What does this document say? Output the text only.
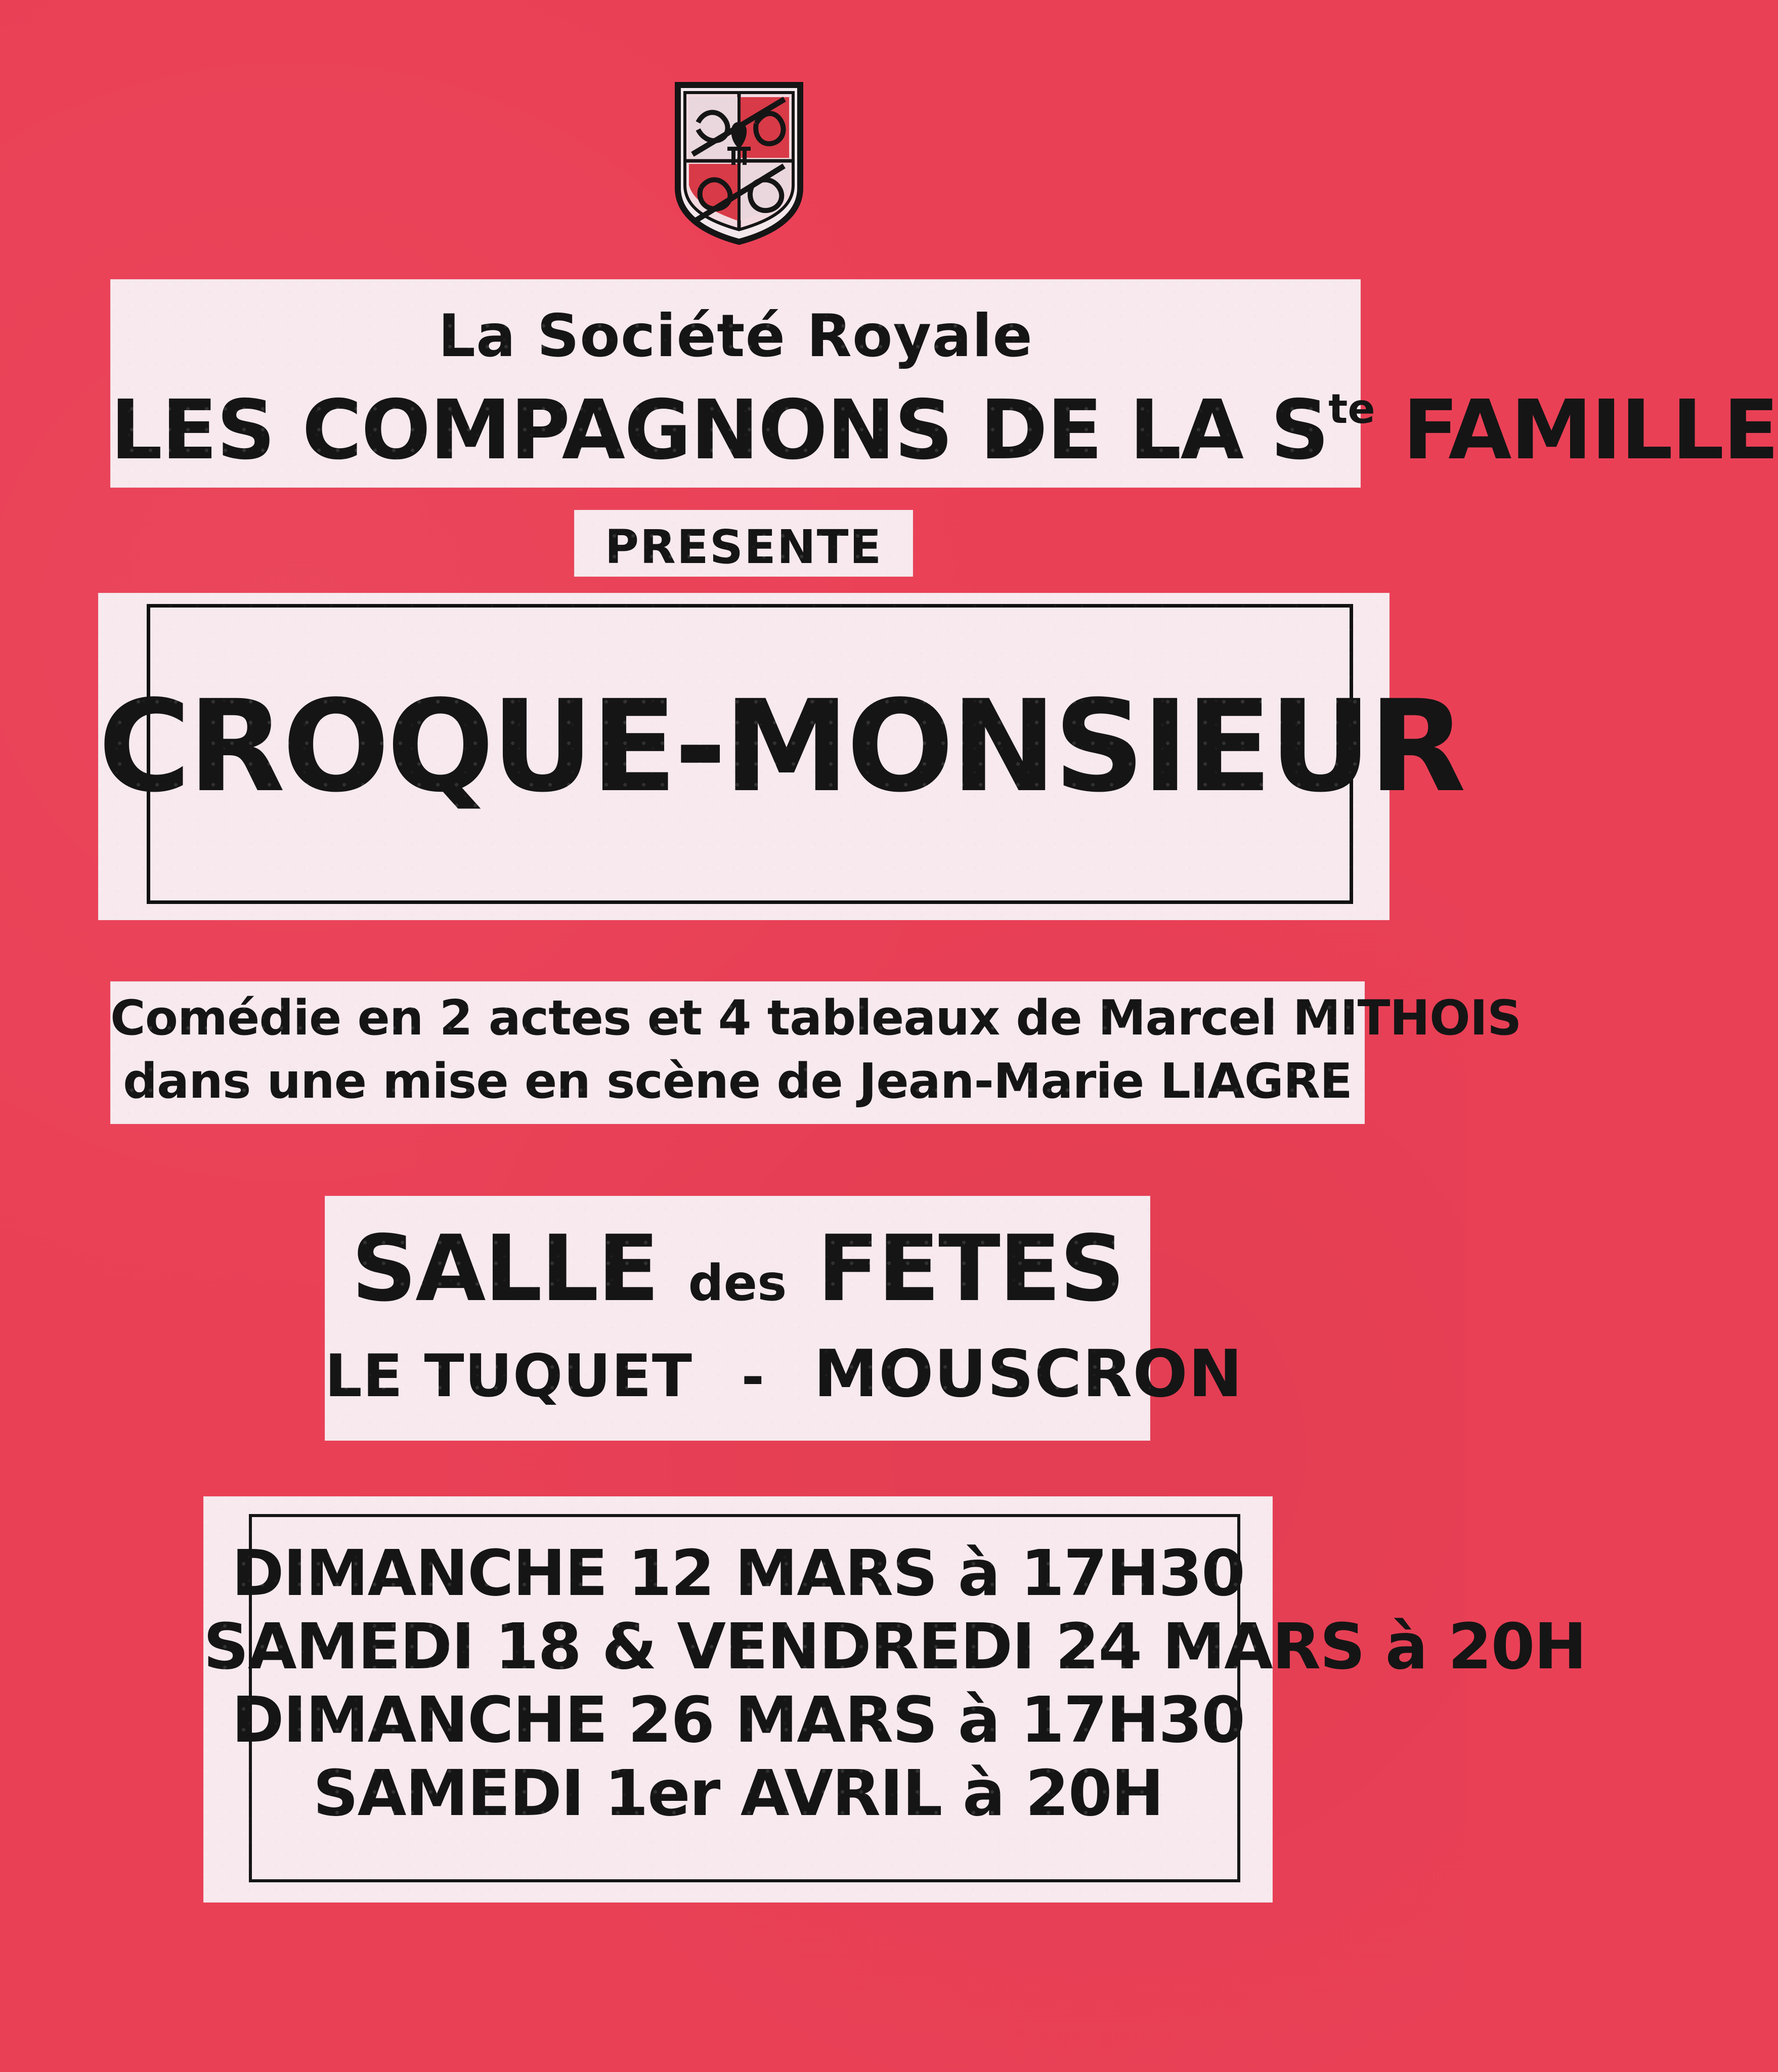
La Société Royale
LES COMPAGNONS DE LA $S^{te}$ FAMILLE
PRESENTE
CROQUE-MONSIEUR
Comédie en 2 actes et 4 tableaux de Marcel MITHOIS
dans une mise en scène de Jean-Marie LIAGRE
SALLE des FETES
LE TUQUET - MOUSCRON
DIMANCHE 12 MARS à 17H30
SAMEDI 18 & VENDREDI 24 MARS à 20H
DIMANCHE 26 MARS à 17H30
SAMEDI 1er AVRIL à 20H
